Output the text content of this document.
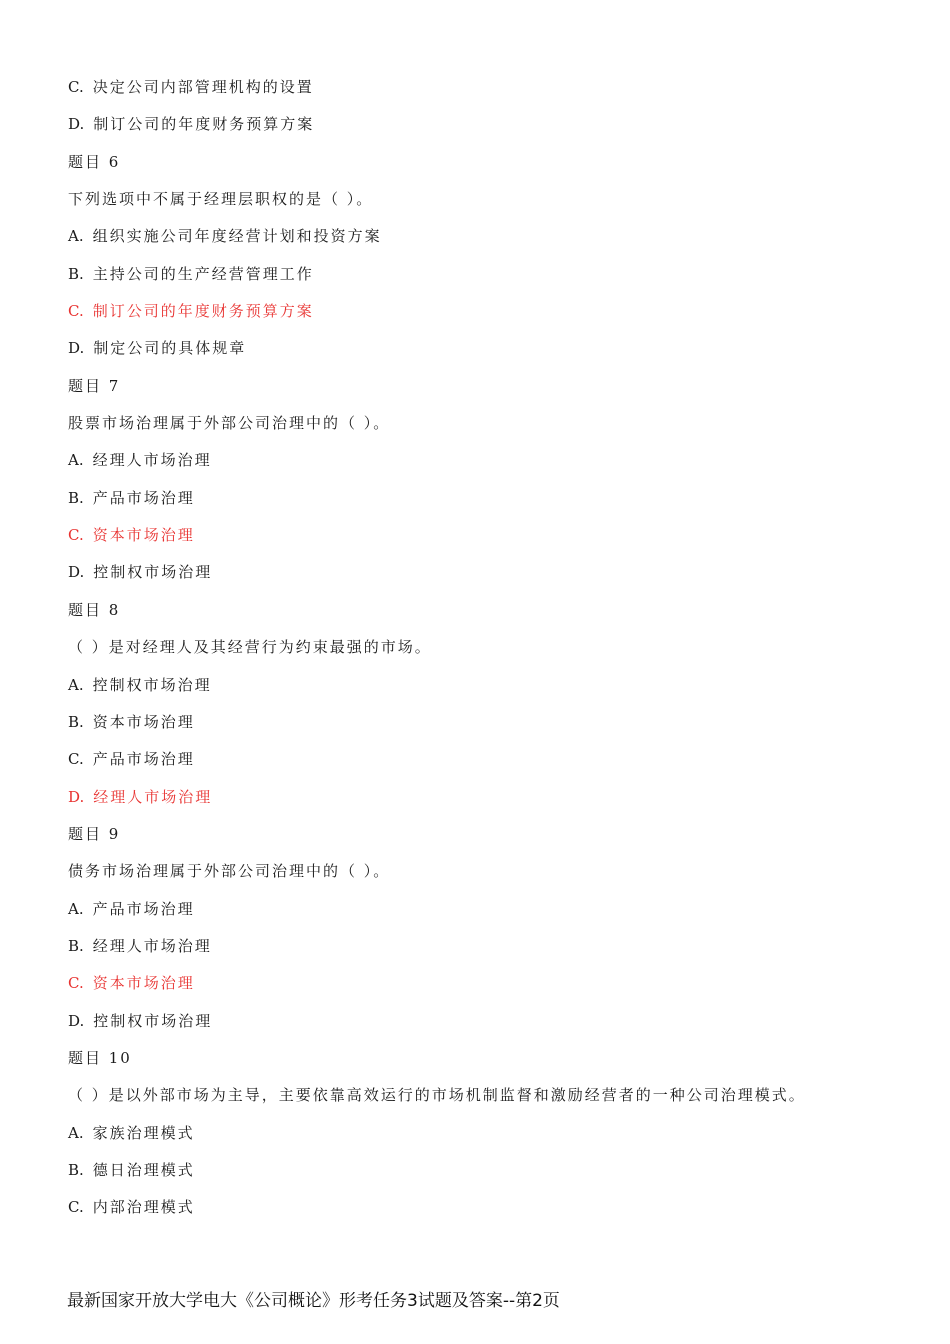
C. 决定公司内部管理机构的设置
D. 制订公司的年度财务预算方案
题目 6
下列选项中不属于经理层职权的是（ ）。
A. 组织实施公司年度经营计划和投资方案
B. 主持公司的生产经营管理工作
C. 制订公司的年度财务预算方案
D. 制定公司的具体规章
题目 7
股票市场治理属于外部公司治理中的（ ）。
A. 经理人市场治理
B. 产品市场治理
C. 资本市场治理
D. 控制权市场治理
题目 8
（ ）是对经理人及其经营行为约束最强的市场。
A. 控制权市场治理
B. 资本市场治理
C. 产品市场治理
D. 经理人市场治理
题目 9
债务市场治理属于外部公司治理中的（ ）。
A. 产品市场治理
B. 经理人市场治理
C. 资本市场治理
D. 控制权市场治理
题目 10
（ ）是以外部市场为主导，主要依靠高效运行的市场机制监督和激励经营者的一种公司治理模式。
A. 家族治理模式
B. 德日治理模式
C. 内部治理模式
最新国家开放大学电大《公司概论》形考任务3试题及答案--第2页
